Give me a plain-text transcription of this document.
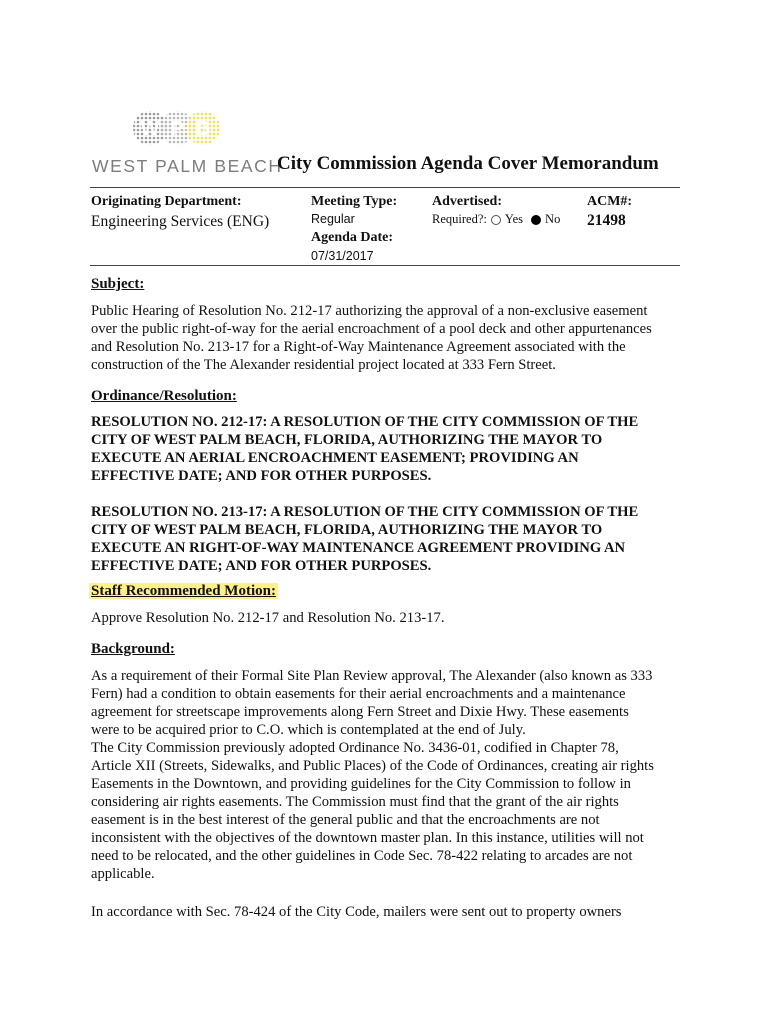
W P B
WEST PALM BEACH
City Commission Agenda Cover Memorandum
Originating Department:
Engineering Services (ENG)
Meeting Type:
Regular
Agenda Date:
07/31/2017
Advertised:
Required?: Yes No
ACM#:
21498
Subject:
Public Hearing of Resolution No. 212-17 authorizing the approval of a non-exclusive easement
over the public right-of-way for the aerial encroachment of a pool deck and other appurtenances
and Resolution No. 213-17 for a Right-of-Way Maintenance Agreement associated with the
construction of the The Alexander residential project located at 333 Fern Street.
Ordinance/Resolution:
RESOLUTION NO. 212-17: A RESOLUTION OF THE CITY COMMISSION OF THE
CITY OF WEST PALM BEACH, FLORIDA, AUTHORIZING THE MAYOR TO
EXECUTE AN AERIAL ENCROACHMENT EASEMENT; PROVIDING AN
EFFECTIVE DATE; AND FOR OTHER PURPOSES.
RESOLUTION NO. 213-17: A RESOLUTION OF THE CITY COMMISSION OF THE
CITY OF WEST PALM BEACH, FLORIDA, AUTHORIZING THE MAYOR TO
EXECUTE AN RIGHT-OF-WAY MAINTENANCE AGREEMENT PROVIDING AN
EFFECTIVE DATE; AND FOR OTHER PURPOSES.
Staff Recommended Motion:
Approve Resolution No. 212-17 and Resolution No. 213-17.
Background:
As a requirement of their Formal Site Plan Review approval, The Alexander (also known as 333
Fern) had a condition to obtain easements for their aerial encroachments and a maintenance
agreement for streetscape improvements along Fern Street and Dixie Hwy. These easements
were to be acquired prior to C.O. which is contemplated at the end of July.
The City Commission previously adopted Ordinance No. 3436-01, codified in Chapter 78,
Article XII (Streets, Sidewalks, and Public Places) of the Code of Ordinances, creating air rights
Easements in the Downtown, and providing guidelines for the City Commission to follow in
considering air rights easements. The Commission must find that the grant of the air rights
easement is in the best interest of the general public and that the encroachments are not
inconsistent with the objectives of the downtown master plan. In this instance, utilities will not
need to be relocated, and the other guidelines in Code Sec. 78-422 relating to arcades are not
applicable.
In accordance with Sec. 78-424 of the City Code, mailers were sent out to property owners
